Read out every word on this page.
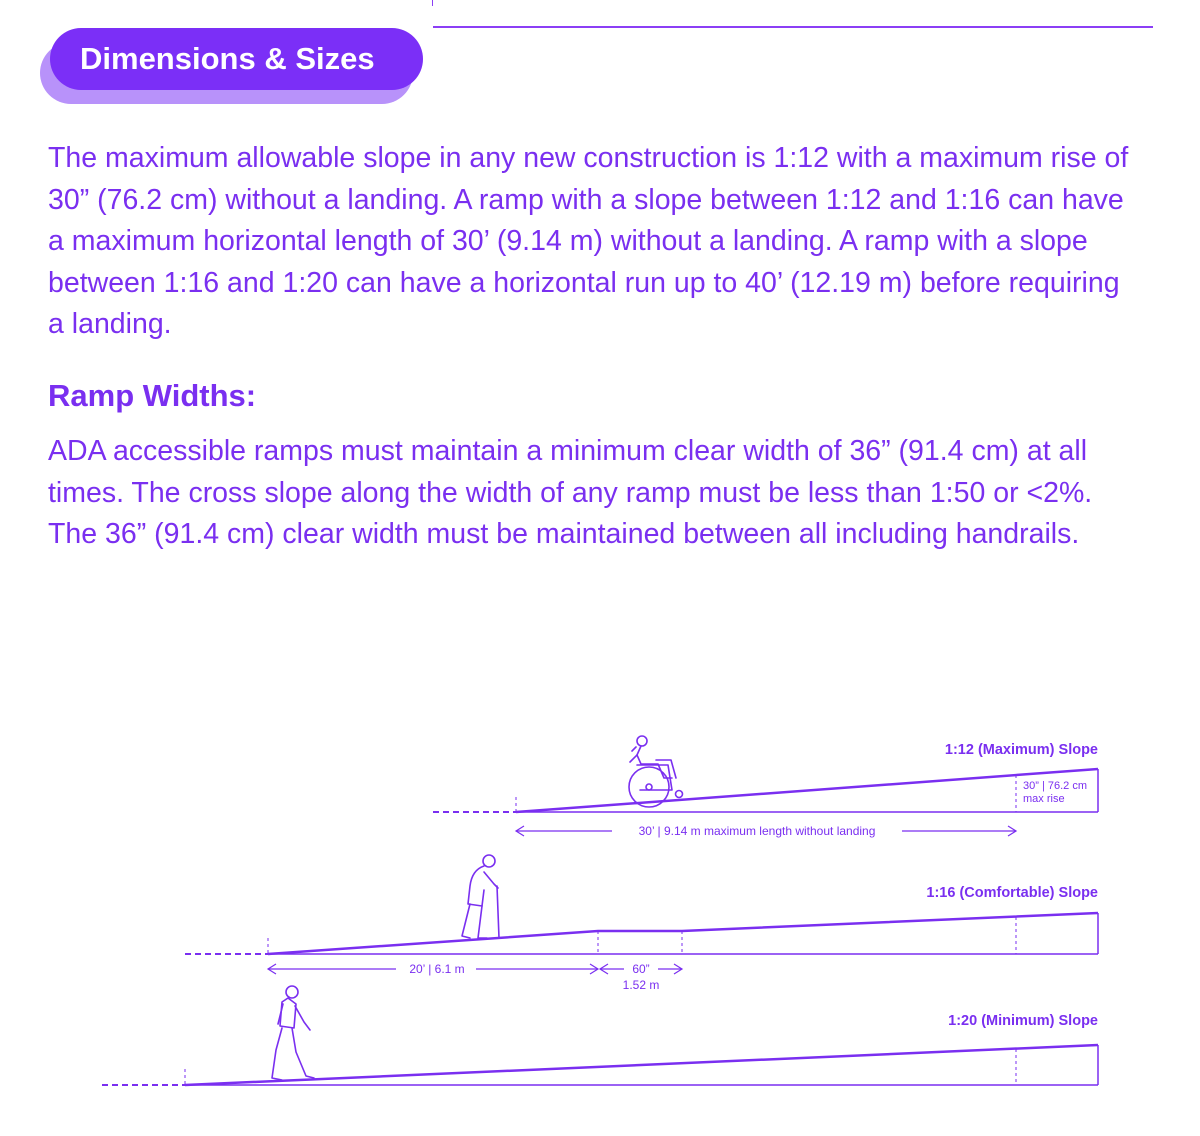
Dimensions & Sizes

The maximum allowable slope in any new construction is 1:12 with a maximum rise of 30” (76.2 cm) without a landing. A ramp with a slope between 1:12 and 1:16 can have a maximum horizontal length of 30’ (9.14 m) without a landing. A ramp with a slope between 1:16 and 1:20 can have a horizontal run up to 40’ (12.19 m) before requiring a landing.

Ramp Widths:

ADA accessible ramps must maintain a minimum clear width of 36” (91.4 cm) at all times. The cross slope along the width of any ramp must be less than 1:50 or <2%. The 36” (91.4 cm) clear width must be maintained between all including handrails.

1:12 (Maximum) Slope
30” | 76.2 cm
max rise
30’ | 9.14 m maximum length without landing
1:16 (Comfortable) Slope
20’ | 6.1 m	60”
1.52 m
1:20 (Minimum) Slope
